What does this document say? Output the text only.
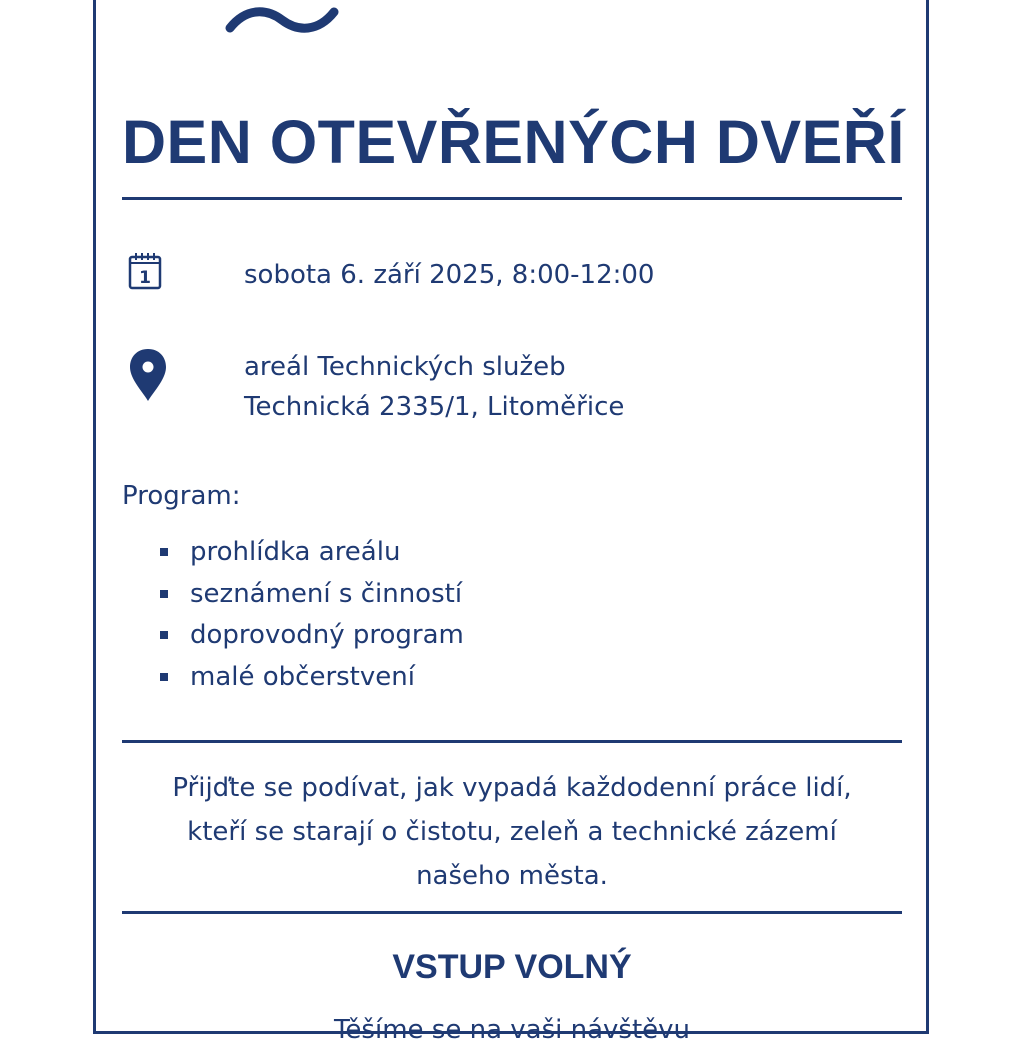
DEN OTEVŘENÝCH DVEŘÍ
1	sobota 6. září 2025, 8:00-12:00
areál Technických služeb
Technická 2335/1, Litoměřice
Program:
prohlídka areálu
seznámení s činností
doprovodný program
malé občerstvení
Přijďte se podívat, jak vypadá každodenní práce lidí,
kteří se starají o čistotu, zeleň a technické zázemí
našeho města.
VSTUP VOLNÝ
Těšíme se na vaši návštěvu
